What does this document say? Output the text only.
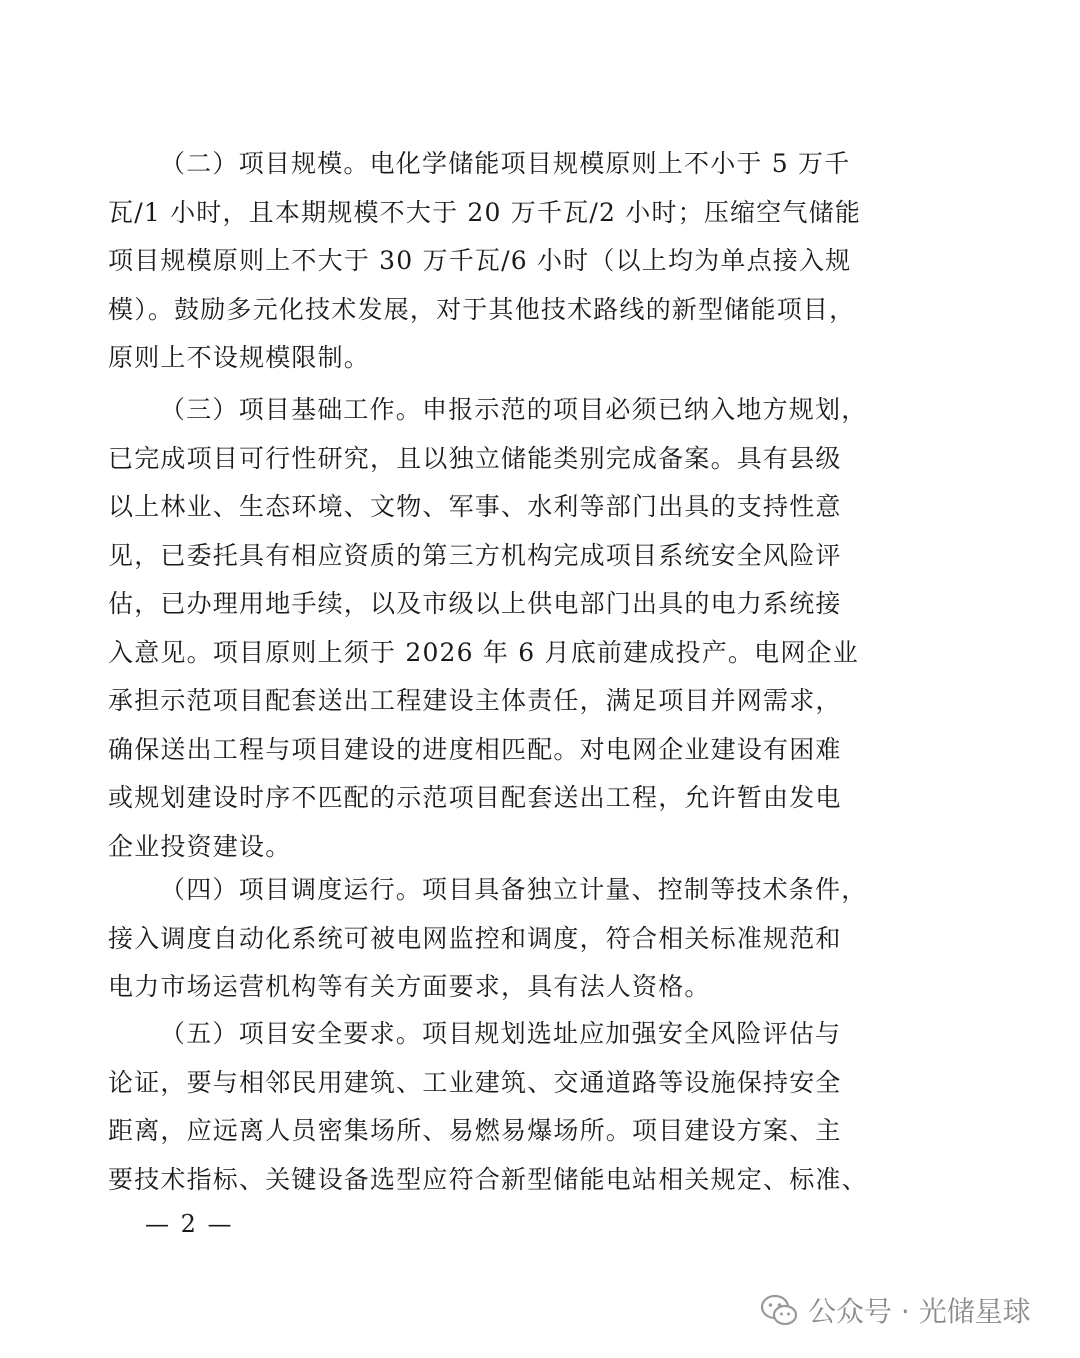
（二）项目规模。电化学储能项目规模原则上不小于 5 万千
瓦/1 小时，且本期规模不大于 20 万千瓦/2 小时；压缩空气储能
项目规模原则上不大于 30 万千瓦/6 小时（以上均为单点接入规
模）。鼓励多元化技术发展，对于其他技术路线的新型储能项目，
原则上不设规模限制。

（三）项目基础工作。申报示范的项目必须已纳入地方规划，
已完成项目可行性研究，且以独立储能类别完成备案。具有县级
以上林业、生态环境、文物、军事、水利等部门出具的支持性意
见，已委托具有相应资质的第三方机构完成项目系统安全风险评
估，已办理用地手续，以及市级以上供电部门出具的电力系统接
入意见。项目原则上须于 2026 年 6 月底前建成投产。电网企业
承担示范项目配套送出工程建设主体责任，满足项目并网需求，
确保送出工程与项目建设的进度相匹配。对电网企业建设有困难
或规划建设时序不匹配的示范项目配套送出工程，允许暂由发电
企业投资建设。

（四）项目调度运行。项目具备独立计量、控制等技术条件，
接入调度自动化系统可被电网监控和调度，符合相关标准规范和
电力市场运营机构等有关方面要求，具有法人资格。

（五）项目安全要求。项目规划选址应加强安全风险评估与
论证，要与相邻民用建筑、工业建筑、交通道路等设施保持安全
距离，应远离人员密集场所、易燃易爆场所。项目建设方案、主
要技术指标、关键设备选型应符合新型储能电站相关规定、标准、

— 2 —
公众号 · 光储星球
